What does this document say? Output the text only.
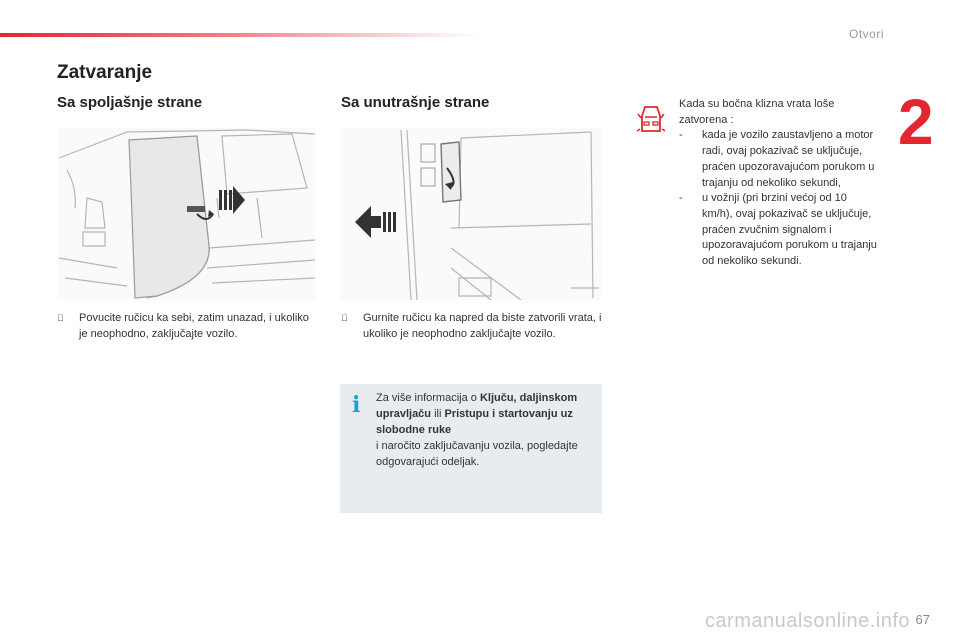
Otvori
2
Zatvaranje
Sa spoljašnje strane	Sa unutrašnje strane
Povucite ručicu ka sebi, zatim unazad, i ukoliko je neophodno, zaključajte vozilo.
Gurnite ručicu ka napred da biste zatvorili vrata, i ukoliko je neophodno zaključajte vozilo.
i Za više informacija o Ključu, daljinskom upravljaču ili Pristupu i startovanju uz slobodne ruke
i naročito zaključavanju vozila, pogledajte odgovarajući odeljak.
Kada su bočna klizna vrata loše zatvorena :
- kada je vozilo zaustavljeno a motor radi, ovaj pokazivač se uključuje, praćen upozoravajućom porukom u trajanju od nekoliko sekundi,
- u vožnji (pri brzini većoj od 10 km/h), ovaj pokazivač se uključuje, praćen zvučnim signalom i upozoravajućom porukom u trajanju od nekoliko sekundi.
carmanualsonline.info 67
